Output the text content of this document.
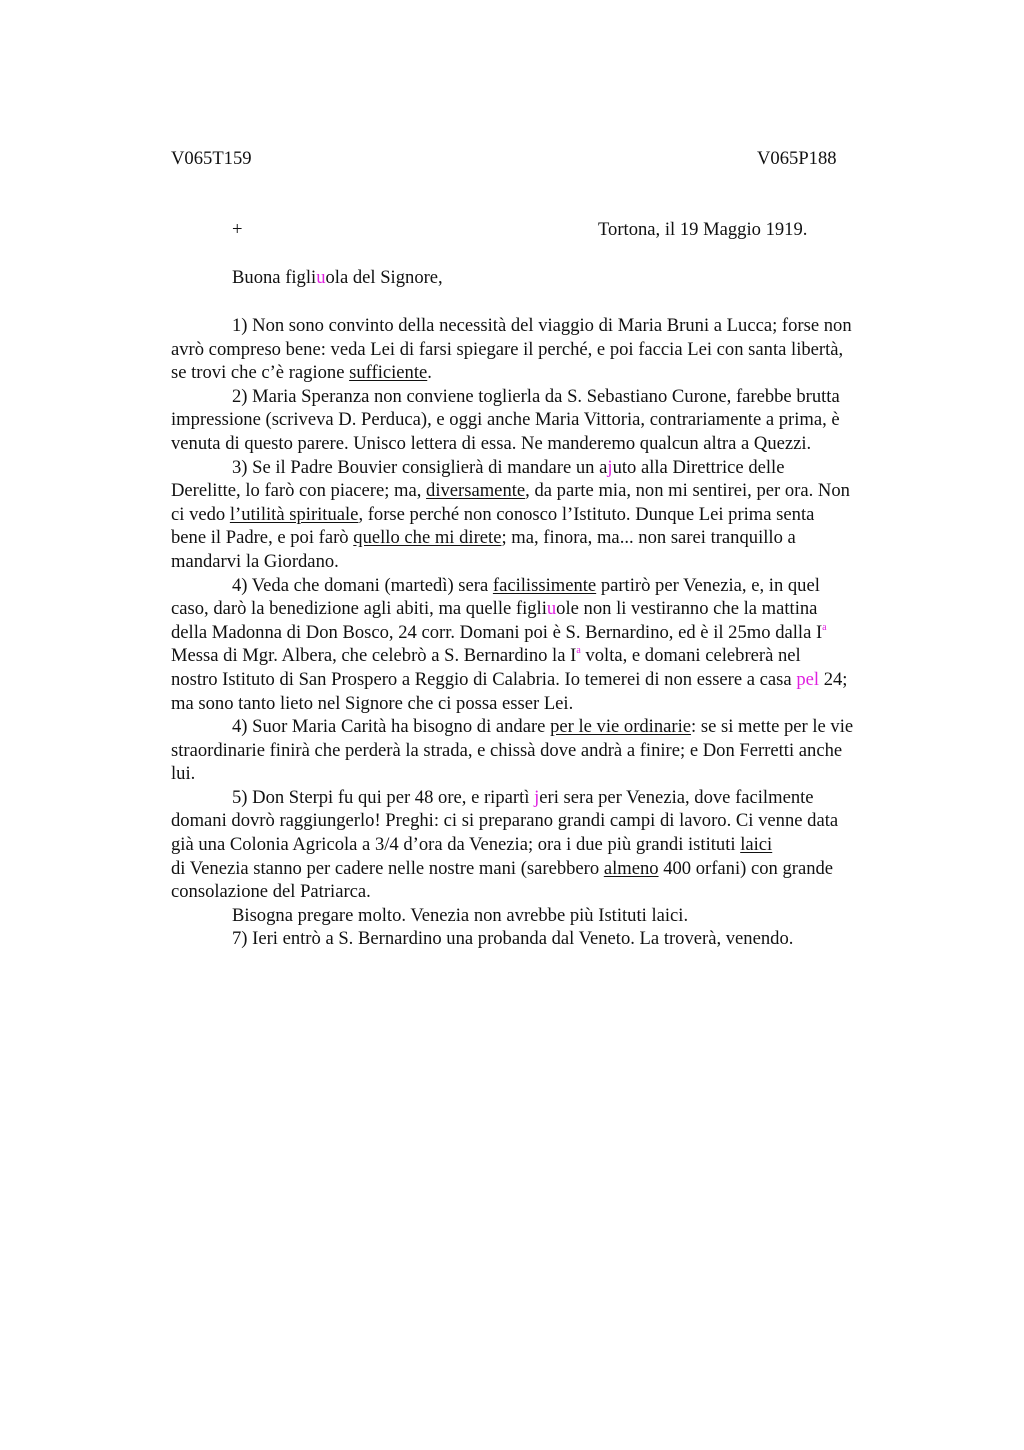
V065T159	V065P188
+	Tortona, il 19 Maggio 1919.
Buona figliuola del Signore,

1) Non sono convinto della necessità del viaggio di Maria Bruni a Lucca; forse non
avrò compreso bene: veda Lei di farsi spiegare il perché, e poi faccia Lei con santa libertà,
se trovi che c’è ragione sufficiente.

2) Maria Speranza non conviene toglierla da S. Sebastiano Curone, farebbe brutta
impressione (scriveva D. Perduca), e oggi anche Maria Vittoria, contrariamente a prima, è
venuta di questo parere. Unisco lettera di essa. Ne manderemo qualcun altra a Quezzi.

3) Se il Padre Bouvier consiglierà di mandare un ajuto alla Direttrice delle
Derelitte, lo farò con piacere; ma, diversamente, da parte mia, non mi sentirei, per ora. Non
ci vedo l’utilità spirituale, forse perché non conosco l’Istituto. Dunque Lei prima senta
bene il Padre, e poi farò quello che mi direte; ma, finora, ma... non sarei tranquillo a
mandarvi la Giordano.

4) Veda che domani (martedì) sera facilissimente partirò per Venezia, e, in quel
caso, darò la benedizione agli abiti, ma quelle figliuole non li vestiranno che la mattina
della Madonna di Don Bosco, 24 corr. Domani poi è S. Bernardino, ed è il 25mo dalla $I^a$
Messa di Mgr. Albera, che celebrò a S. Bernardino la $I^a$ volta, e domani celebrerà nel
nostro Istituto di San Prospero a Reggio di Calabria. Io temerei di non essere a casa pel 24;
ma sono tanto lieto nel Signore che ci possa esser Lei.

4) Suor Maria Carità ha bisogno di andare per le vie ordinarie: se si mette per le vie
straordinarie finirà che perderà la strada, e chissà dove andrà a finire; e Don Ferretti anche
lui.

5) Don Sterpi fu qui per 48 ore, e ripartì jeri sera per Venezia, dove facilmente
domani dovrò raggiungerlo! Preghi: ci si preparano grandi campi di lavoro. Ci venne data
già una Colonia Agricola a 3/4 d’ora da Venezia; ora i due più grandi istituti laici
di Venezia stanno per cadere nelle nostre mani (sarebbero almeno 400 orfani) con grande
consolazione del Patriarca.

Bisogna pregare molto. Venezia non avrebbe più Istituti laici.

7) Ieri entrò a S. Bernardino una probanda dal Veneto. La troverà, venendo.
